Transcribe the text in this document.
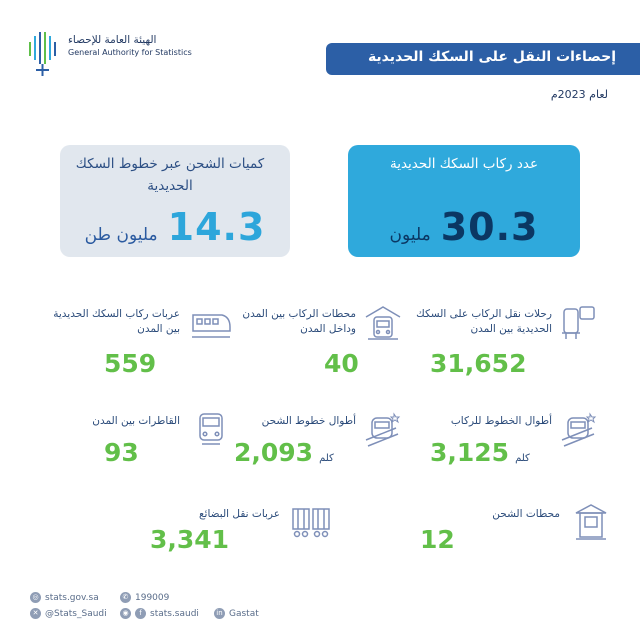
الهيئة العامة للإحصاء
General Authority for Statistics	إحصاءات النقل على السكك الحديدية
لعام 2023م
عدد ركاب السكك الحديدية
30.3
مليون
كميات الشحن عبر خطوط السكك الحديدية
14.3
مليون طن
رحلات نقل الركاب على السكك الحديدية بين المدن
31,652
محطات الركاب بين المدن وداخل المدن
40
عربات ركاب السكك الحديدية بين المدن
559
أطوال الخطوط للركاب
3,125 كلم
أطوال خطوط الشحن
2,093 كلم
القاطرات بين المدن
93
محطات الشحن
12
عربات نقل البضائع
3,341
◎ stats.gov.sa	✆ 199009
✕ @Stats_Saudi	◉	f stats.saudi	in Gastat
